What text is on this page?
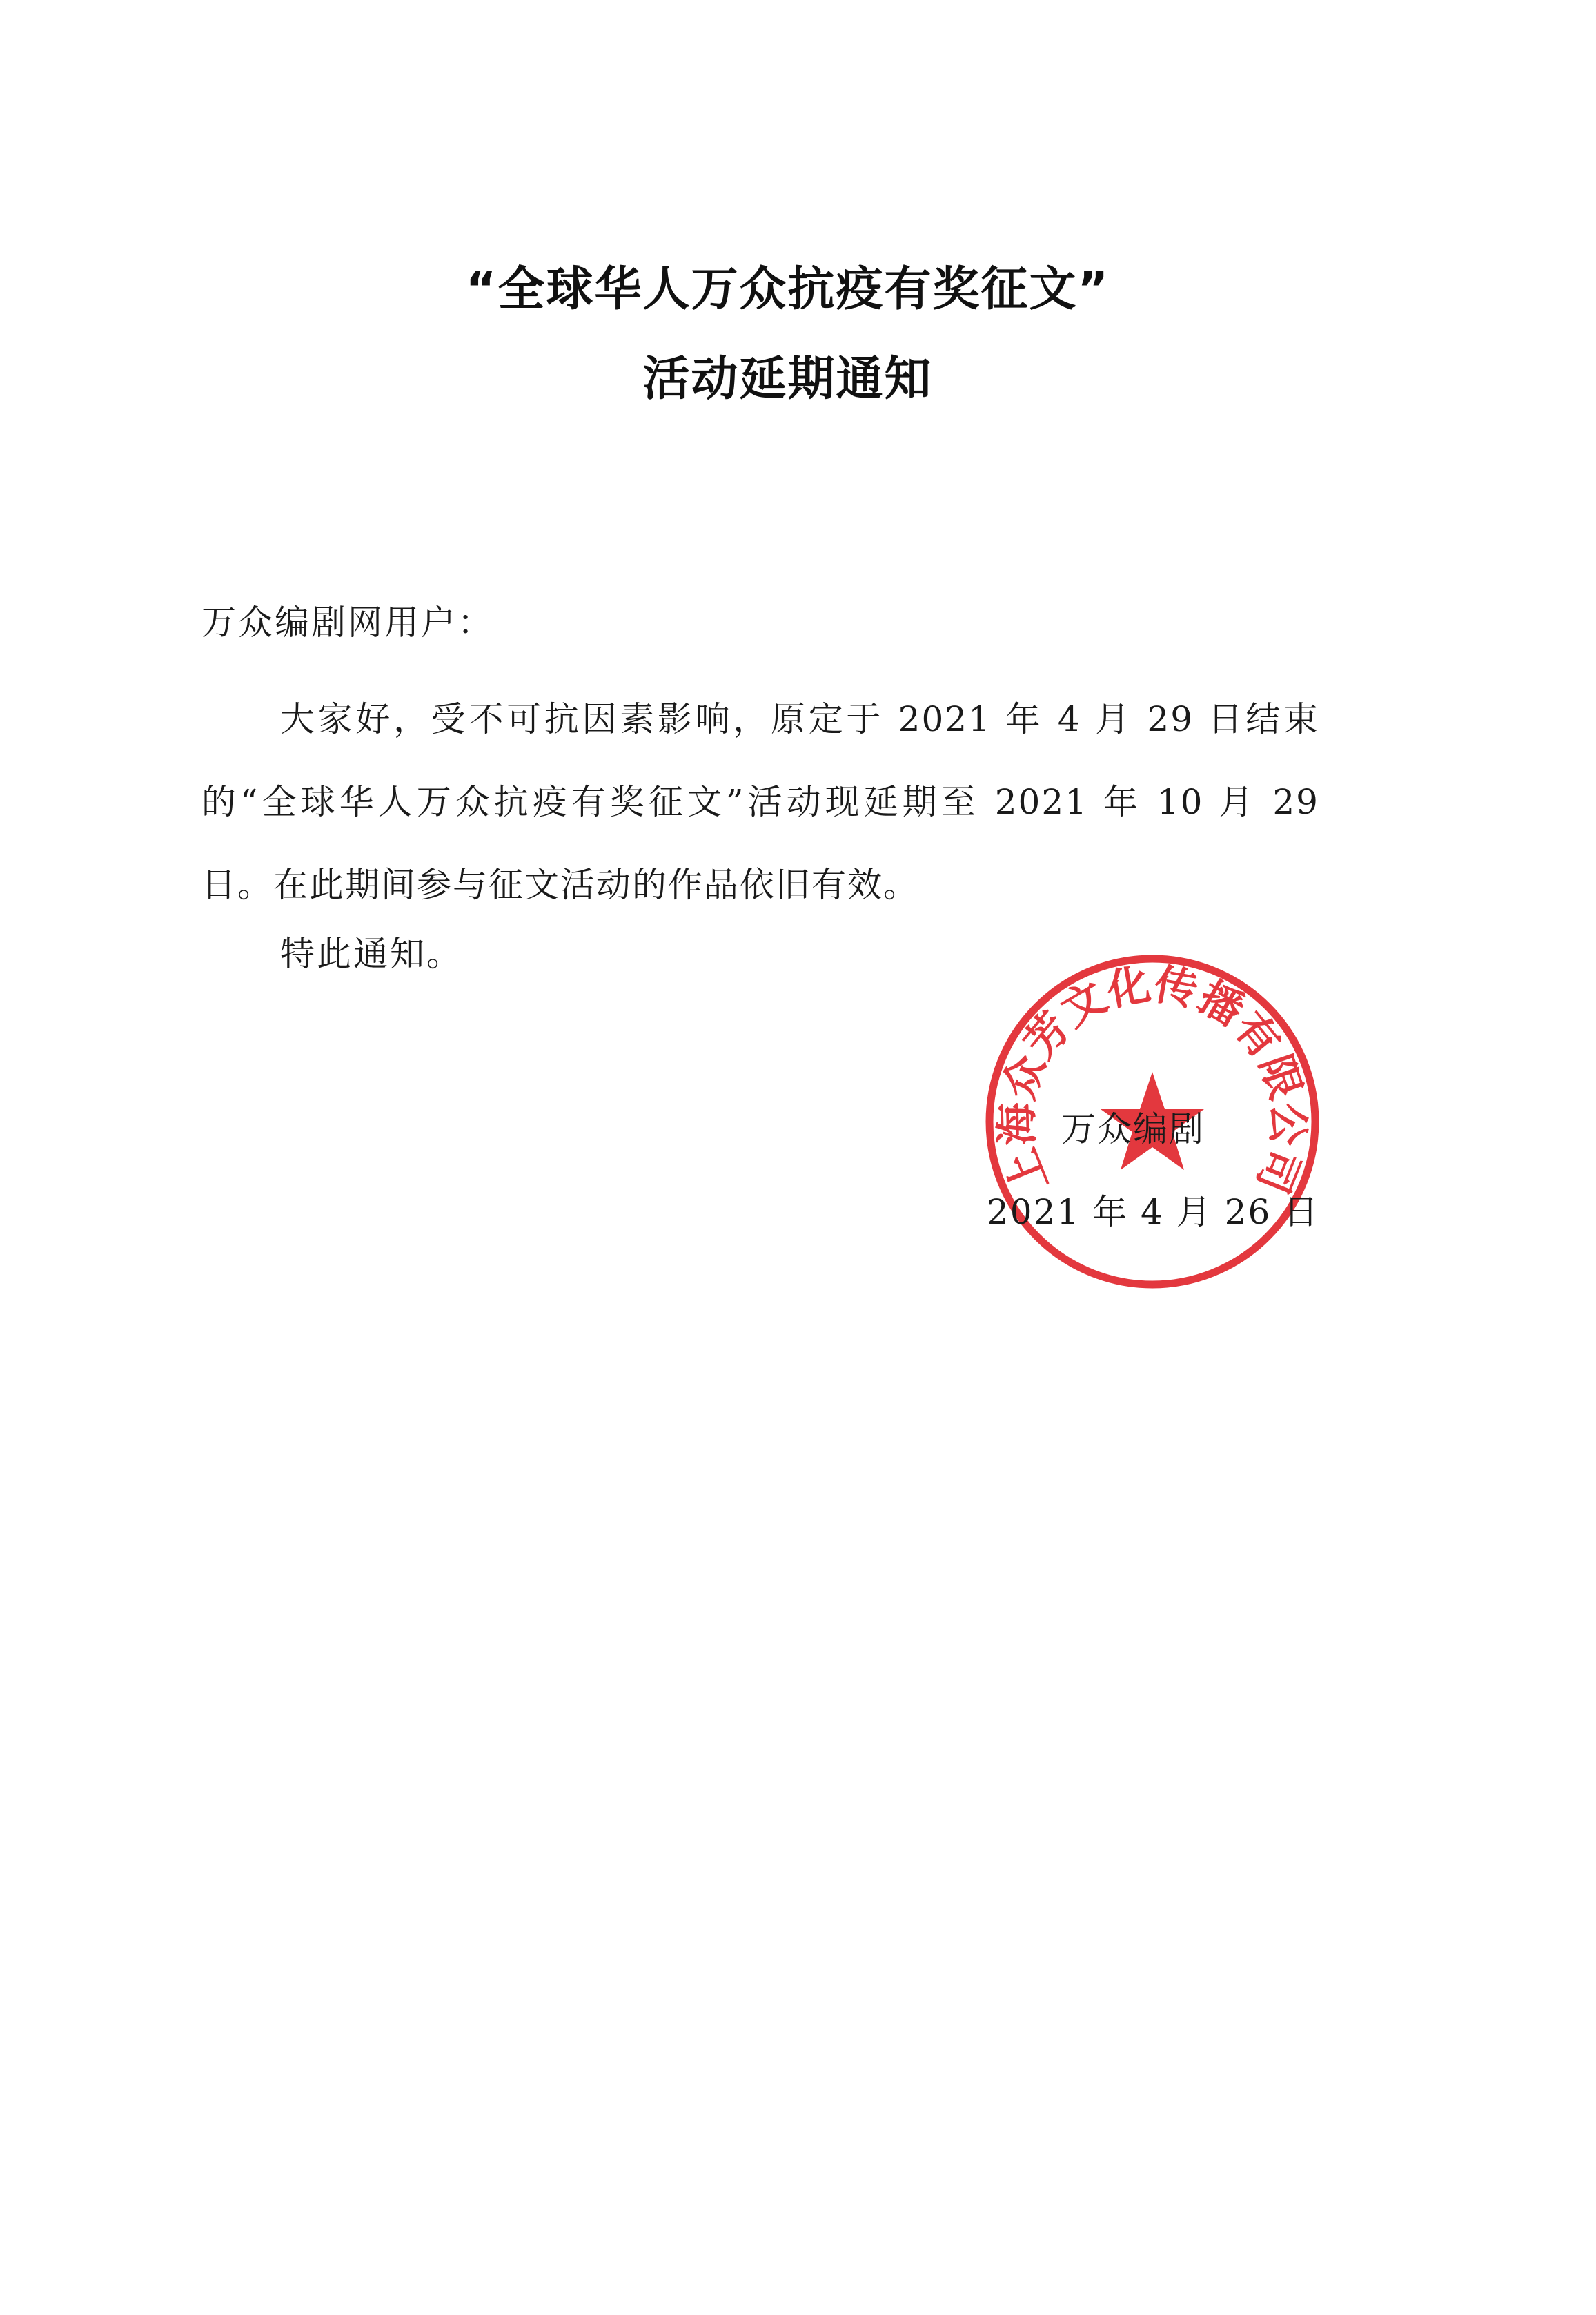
“全球华人万众抗疫有奖征文”
活动延期通知
万众编剧网用户：
大家好，受不可抗因素影响，原定于 2021 年 4 月 29 日结束的“全球华人万众抗疫有奖征文”活动现延期至 2021 年 10 月 29 日。在此期间参与征文活动的作品依旧有效。
特此通知。
上海众芳文化传播有限公司
万众编剧
2021 年 4 月 26 日
